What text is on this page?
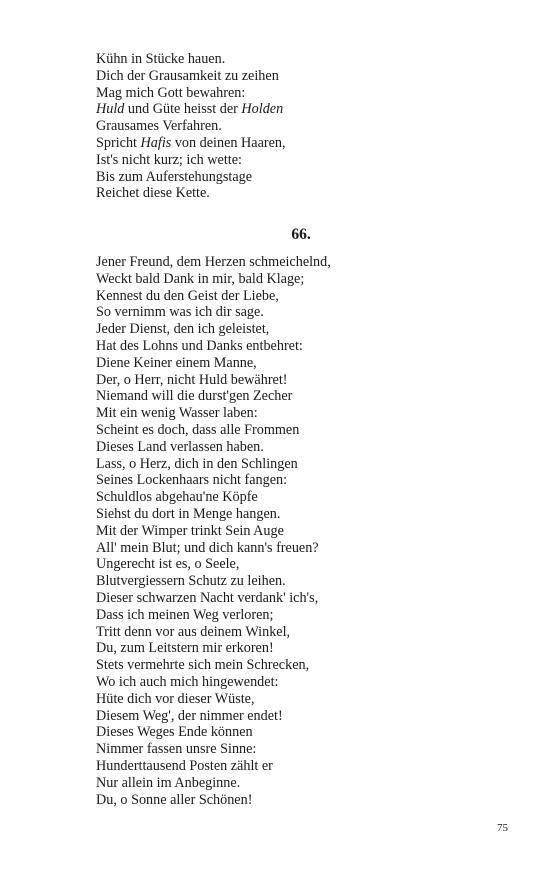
Kühn in Stücke hauen.
Dich der Grausamkeit zu zeihen
Mag mich Gott bewahren:
Huld und Güte heisst der Holden
Grausames Verfahren.
Spricht Hafis von deinen Haaren,
Ist's nicht kurz; ich wette:
Bis zum Auferstehungstage
Reichet diese Kette.
66.
Jener Freund, dem Herzen schmeichelnd,
Weckt bald Dank in mir, bald Klage;
Kennest du den Geist der Liebe,
So vernimm was ich dir sage.
Jeder Dienst, den ich geleistet,
Hat des Lohns und Danks entbehret:
Diene Keiner einem Manne,
Der, o Herr, nicht Huld bewähret!
Niemand will die durst'gen Zecher
Mit ein wenig Wasser laben:
Scheint es doch, dass alle Frommen
Dieses Land verlassen haben.
Lass, o Herz, dich in den Schlingen
Seines Lockenhaars nicht fangen:
Schuldlos abgehau'ne Köpfe
Siehst du dort in Menge hangen.
Mit der Wimper trinkt Sein Auge
All' mein Blut; und dich kann's freuen?
Ungerecht ist es, o Seele,
Blutvergiessern Schutz zu leihen.
Dieser schwarzen Nacht verdank' ich's,
Dass ich meinen Weg verloren;
Tritt denn vor aus deinem Winkel,
Du, zum Leitstern mir erkoren!
Stets vermehrte sich mein Schrecken,
Wo ich auch mich hingewendet:
Hüte dich vor dieser Wüste,
Diesem Weg', der nimmer endet!
Dieses Weges Ende können
Nimmer fassen unsre Sinne:
Hunderttausend Posten zählt er
Nur allein im Anbeginne.
Du, o Sonne aller Schönen!
75
